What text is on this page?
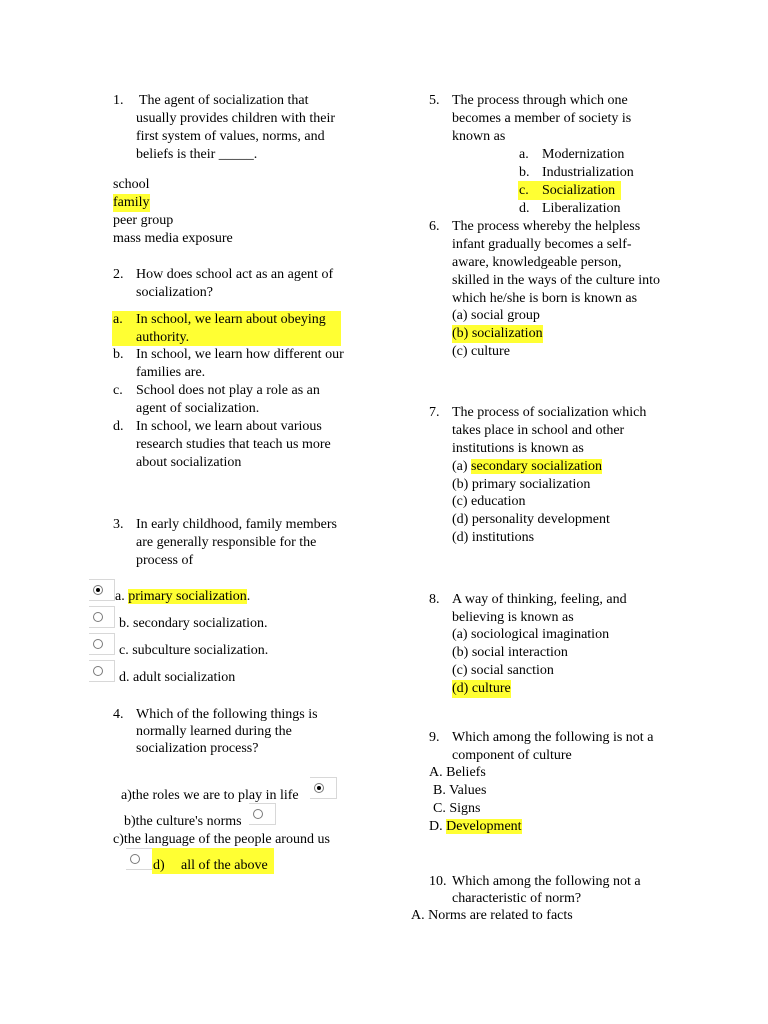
1. The agent of socialization that

usually provides children with their

first system of values, norms, and

beliefs is their _____.

school

family

peer group

mass media exposure

2. How does school act as an agent of

socialization?

a. In school, we learn about obeying

authority.

b. In school, we learn how different our

families are.

c. School does not play a role as an

agent of socialization.

d. In school, we learn about various

research studies that teach us more

about socialization

3. In early childhood, family members

are generally responsible for the

process of

a. primary socialization.

b. secondary socialization.

c. subculture socialization.

d. adult socialization

4. Which of the following things is

normally learned during the

socialization process?

a)the roles we are to play in life

b)the culture's norms

c)the language of the people around us

d) all of the above
5. The process through which one

becomes a member of society is

known as

a. Modernization
b. Industrialization
c. Socialization
d. Liberalization
6. The process whereby the helpless

infant gradually becomes a self-

aware, knowledgeable person,

skilled in the ways of the culture into

which he/she is born is known as

(a) social group

(b) socialization

(c) culture

7. The process of socialization which

takes place in school and other

institutions is known as

(a) secondary socialization

(b) primary socialization

(c) education

(d) personality development

(d) institutions

8. A way of thinking, feeling, and

believing is known as

(a) sociological imagination

(b) social interaction

(c) social sanction

(d) culture

9. Which among the following is not a

component of culture

A. Beliefs

B. Values

C. Signs

D. Development

10. Which among the following not a

characteristic of norm?

A. Norms are related to facts
